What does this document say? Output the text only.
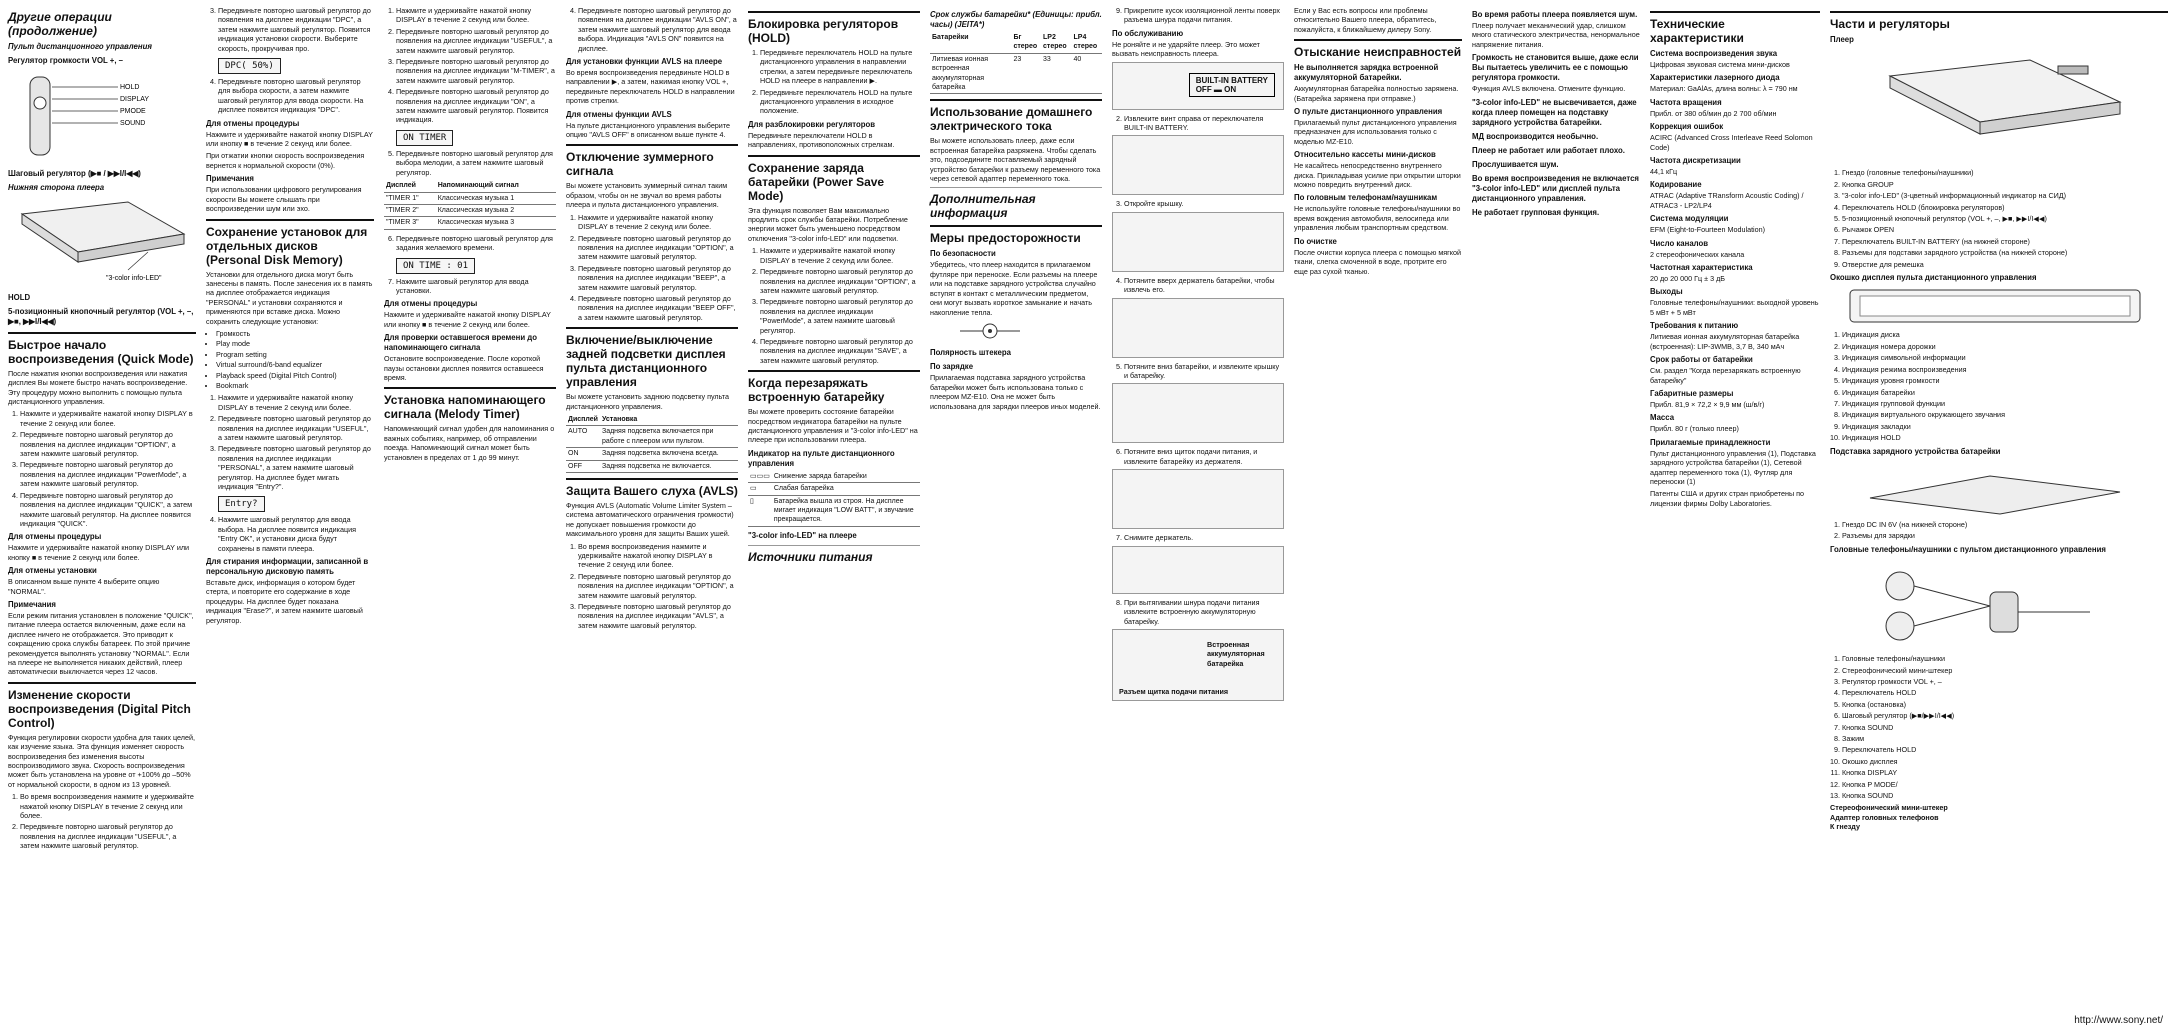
Другие операции (продолжение)
Пульт дистанционного управления
Регулятор громкости VOL +, –
HOLD
DISPLAY
PMODE
SOUND
Шаговый регулятор (▶■ / ▶▶I/I◀◀)
Нижняя сторона плеера
"3-color info-LED"
HOLD
5-позиционный кнопочный регулятор (VOL +, –, ▶■, ▶▶I/I◀◀)
Быстрое начало воспроизведения (Quick Mode)

После нажатия кнопки воспроизведения или нажатия дисплея Вы можете быстро начать воспроизведение. Эту процедуру можно выполнить с помощью пульта дистанционного управления.

1. Нажмите и удерживайте нажатой кнопку DISPLAY в течение 2 секунд или более.
2. Передвиньте повторно шаговый регулятор до появления на дисплее индикации "OPTION", а затем нажмите шаговый регулятор.
3. Передвиньте повторно шаговый регулятор до появления на дисплее индикации "PowerMode", а затем нажмите шаговый регулятор.
4. Передвиньте повторно шаговый регулятор до появления на дисплее индикации "QUICK", а затем нажмите шаговый регулятор. На дисплее появится индикация "QUICK".
Для отмены процедуры

Нажмите и удерживайте нажатой кнопку DISPLAY или кнопку ■ в течение 2 секунд или более.

Для отмены установки

В описанном выше пункте 4 выберите опцию "NORMAL".

Примечания

Если режим питания установлен в положение "QUICK", питание плеера остается включенным, даже если на дисплее ничего не отображается. Это приводит к сокращению срока службы батареек. По этой причине рекомендуется выполнять установку "NORMAL". Если на плеере не выполняется никаких действий, плеер автоматически выключается через 12 часов.

Изменение скорости воспроизведения (Digital Pitch Control)

Функция регулировки скорости удобна для таких целей, как изучение языка. Эта функция изменяет скорость воспроизведения без изменения высоты воспроизводимого звука. Скорость воспроизведения может быть установлена на уровне от +100% до –50% от нормальной скорости, в одном из 13 уровней.

1. Во время воспроизведения нажмите и удерживайте нажатой кнопку DISPLAY в течение 2 секунд или более.
2. Передвиньте повторно шаговый регулятор до появления на дисплее индикации "USEFUL", а затем нажмите шаговый регулятор.
3. Передвиньте повторно шаговый регулятор до появления на дисплее индикации "DPC", а затем нажмите шаговый регулятор. Появится индикация установки скорости. Выберите скорость, прокручивая про.
DPC( 50%)
4. Передвиньте повторно шаговый регулятор для выбора скорости, а затем нажмите шаговый регулятор для ввода скорости. На дисплее появится индикация "DPC".
Для отмены процедуры

Нажмите и удерживайте нажатой кнопку DISPLAY или кнопку ■ в течение 2 секунд или более.

При отжатии кнопки скорость воспроизведения вернется к нормальной скорости (0%).

Примечания

При использовании цифрового регулирования скорости Вы можете слышать при воспроизведении шум или эхо.

Сохранение установок для отдельных дисков (Personal Disk Memory)

Установки для отдельного диска могут быть занесены в память. После занесения их в память на дисплее отображается индикация "PERSONAL" и установки сохраняются и применяются при вставке диска. Можно сохранить следующие установки:

• Громкость
• Play mode
• Program setting
• Virtual surround/6-band equalizer
• Playback speed (Digital Pitch Control)
• Bookmark
1. Нажмите и удерживайте нажатой кнопку DISPLAY в течение 2 секунд или более.
2. Передвиньте повторно шаговый регулятор до появления на дисплее индикации "USEFUL", а затем нажмите шаговый регулятор.
3. Передвиньте повторно шаговый регулятор до появления на дисплее индикации "PERSONAL", а затем нажмите шаговый регулятор. На дисплее будет мигать индикация "Entry?".
Entry?
4. Нажмите шаговый регулятор для ввода выбора. На дисплее появится индикация "Entry OK", и установки диска будут сохранены в памяти плеера.
Для стирания информации, записанной в персональную дисковую память

Вставьте диск, информация о котором будет стерта, и повторите его содержание в ходе процедуры. На дисплее будет показана индикация "Erase?", и затем нажмите шаговый регулятор.

1. Нажмите и удерживайте нажатой кнопку DISPLAY в течение 2 секунд или более.
2. Передвиньте повторно шаговый регулятор до появления на дисплее индикации "USEFUL", а затем нажмите шаговый регулятор.
3. Передвиньте повторно шаговый регулятор до появления на дисплее индикации "M-TIMER", а затем нажмите шаговый регулятор.
4. Передвиньте повторно шаговый регулятор до появления на дисплее индикации "ON", а затем нажмите шаговый регулятор. Появится индикация.
ON TIMER
5. Передвиньте повторно шаговый регулятор для выбора мелодии, а затем нажмите шаговый регулятор.
Дисплей	Напоминающий сигнал
"TIMER 1"	Классическая музыка 1
"TIMER 2"	Классическая музыка 2
"TIMER 3"	Классическая музыка 3
6. Передвиньте повторно шаговый регулятор для задания желаемого времени.
ON TIME : 01
7. Нажмите шаговый регулятор для ввода установки.
Для отмены процедуры

Нажмите и удерживайте нажатой кнопку DISPLAY или кнопку ■ в течение 2 секунд или более.

Для проверки оставшегося времени до напоминающего сигнала

Остановите воспроизведение. После короткой паузы остановки дисплея появится оставшееся время.

Установка напоминающего сигнала (Melody Timer)

Напоминающий сигнал удобен для напоминания о важных событиях, например, об отправлении поезда. Напоминающий сигнал может быть установлен в пределах от 1 до 99 минут.

4. Передвиньте повторно шаговый регулятор до появления на дисплее индикации "AVLS ON", а затем нажмите шаговый регулятор для ввода выбора. Индикация "AVLS ON" появится на дисплее.
Для установки функции AVLS на плеере

Во время воспроизведения передвиньте HOLD в направлении ▶, а затем, нажимая кнопку VOL +, передвиньте переключатель HOLD в направлении против стрелки.

Для отмены функции AVLS

На пульте дистанционного управления выберите опцию "AVLS OFF" в описанном выше пункте 4.

Отключение зуммерного сигнала

Вы можете установить зуммерный сигнал таким образом, чтобы он не звучал во время работы плеера и пульта дистанционного управления.

1. Нажмите и удерживайте нажатой кнопку DISPLAY в течение 2 секунд или более.
2. Передвиньте повторно шаговый регулятор до появления на дисплее индикации "OPTION", а затем нажмите шаговый регулятор.
3. Передвиньте повторно шаговый регулятор до появления на дисплее индикации "BEEP", а затем нажмите шаговый регулятор.
4. Передвиньте повторно шаговый регулятор до появления на дисплее индикации "BEEP OFF", а затем нажмите шаговый регулятор.
Включение/выключение задней подсветки дисплея пульта дистанционного управления

Вы можете установить заднюю подсветку пульта дистанционного управления.

Дисплей	Установка
AUTO	Задняя подсветка включается при работе с плеером или пультом.
ON	Задняя подсветка включена всегда.
OFF	Задняя подсветка не включается.
Защита Вашего слуха (AVLS)

Функция AVLS (Automatic Volume Limiter System – система автоматического ограничения громкости) не допускает повышения громкости до максимального уровня для защиты Ваших ушей.

1. Во время воспроизведения нажмите и удерживайте нажатой кнопку DISPLAY в течение 2 секунд или более.
2. Передвиньте повторно шаговый регулятор до появления на дисплее индикации "OPTION", а затем нажмите шаговый регулятор.
3. Передвиньте повторно шаговый регулятор до появления на дисплее индикации "AVLS", а затем нажмите шаговый регулятор.
Блокировка регуляторов (HOLD)
1. Передвиньте переключатель HOLD на пульте дистанционного управления в направлении стрелки, а затем передвиньте переключатель HOLD на плеере в направлении ▶.
2. Передвиньте переключатель HOLD на пульте дистанционного управления в исходное положение.
Для разблокировки регуляторов

Передвиньте переключатели HOLD в направлениях, противоположных стрелкам.

Сохранение заряда батарейки (Power Save Mode)

Эта функция позволяет Вам максимально продлить срок службы батарейки. Потребление энергии может быть уменьшено посредством отключения "3-color info-LED" или подсветки.

1. Нажмите и удерживайте нажатой кнопку DISPLAY в течение 2 секунд или более.
2. Передвиньте повторно шаговый регулятор до появления на дисплее индикации "OPTION", а затем нажмите шаговый регулятор.
3. Передвиньте повторно шаговый регулятор до появления на дисплее индикации "PowerMode", а затем нажмите шаговый регулятор.
4. Передвиньте повторно шаговый регулятор до появления на дисплее индикации "SAVE", а затем нажмите шаговый регулятор.
Когда перезаряжать встроенную батарейку

Вы можете проверить состояние батарейки посредством индикатора батарейки на пульте дистанционного управления и "3-color info-LED" на плеере при использовании плеера.

Индикатор на пульте дистанционного управления
▭▭▭	Снижение заряда батарейки
▭	Слабая батарейка
▯	Батарейка вышла из строя. На дисплее мигает индикация "LOW BATT", и звучание прекращается.
"3-color info-LED" на плеере
Источники питания
Срок службы батарейки* (Единицы: прибл. часы) (JEITA*)
Батарейки	Бг стерео	LP2 стерео	LP4 стерео
Литиевая ионная встроенная аккумуляторная батарейка	23	33	40
Использование домашнего электрического тока

Вы можете использовать плеер, даже если встроенная батарейка разряжена. Чтобы сделать это, подсоедините поставляемый зарядный устройство батарейки к разъему переменного тока через сетевой адаптер переменного тока.

Дополнительная информация
Меры предосторожности
По безопасности

Убедитесь, что плеер находится в прилагаемом футляре при переноске. Если разъемы на плеере или на подставке зарядного устройства случайно вступят в контакт с металлическим предметом, они могут вызвать короткое замыкание и начать накопление тепла.

Полярность штекера
По зарядке

Прилагаемая подставка зарядного устройства батарейки может быть использована только с плеером MZ-E10. Она не может быть использована для зарядки плееров иных моделей.

9. Прикрепите кусок изоляционной ленты поверх разъема шнура подачи питания.
По обслуживанию

Не роняйте и не ударяйте плеер. Это может вызвать неисправность плеера.

BUILT-IN BATTERY
OFF ▬ ON
2. Извлеките винт справа от переключателя BUILT-IN BATTERY.
3. Откройте крышку.
4. Потяните вверх держатель батарейки, чтобы извлечь его.
5. Потяните вниз батарейки, и извлеките крышку и батарейку.
6. Потяните вниз щиток подачи питания, и извлеките батарейку из держателя.
7. Снимите держатель.
8. При вытягивании шнура подачи питания извлеките встроенную аккумуляторную батарейку.
Встроенная аккумуляторная батарейка
Разъем щитка подачи питания

Если у Вас есть вопросы или проблемы относительно Вашего плеера, обратитесь, пожалуйста, к ближайшему дилеру Sony.

Отыскание неисправностей
Не выполняется зарядка встроенной аккумуляторной батарейки.

Аккумуляторная батарейка полностью заряжена. (Батарейка заряжена при отправке.)

О пульте дистанционного управления

Прилагаемый пульт дистанционного управления предназначен для использования только с моделью MZ-E10.

Относительно кассеты мини-дисков

Не касайтесь непосредственно внутреннего диска. Прикладывая усилие при открытии шторки можно повредить внутренний диск.

По головным телефонам/наушникам

Не используйте головные телефоны/наушники во время вождения автомобиля, велосипеда или управления любым транспортным средством.

По очистке

После очистки корпуса плеера с помощью мягкой ткани, слегка смоченной в воде, протрите его еще раз сухой тканью.

Во время работы плеера появляется шум.

Плеер получает механический удар, слишком много статического электричества, ненормальное напряжение питания.

Громкость не становится выше, даже если Вы пытаетесь увеличить ее с помощью регулятора громкости.

Функция AVLS включена. Отмените функцию.

"3-color info-LED" не высвечивается, даже когда плеер помещен на подставку зарядного устройства батарейки.
МД воспроизводится необычно.
Плеер не работает или работает плохо.
Прослушивается шум.
Во время воспроизведения не включается "3-color info-LED" или дисплей пульта дистанционного управления.
Не работает групповая функция.
Технические характеристики
Система воспроизведения звука

Цифровая звуковая система мини-дисков

Характеристики лазерного диода

Материал: GaAlAs, длина волны: λ = 790 нм

Частота вращения

Прибл. от 380 об/мин до 2 700 об/мин

Коррекция ошибок

ACIRC (Advanced Cross Interleave Reed Solomon Code)

Частота дискретизации

44,1 кГц

Кодирование

ATRAC (Adaptive TRansform Acoustic Coding) / ATRAC3 - LP2/LP4

Система модуляции

EFM (Eight-to-Fourteen Modulation)

Число каналов

2 стереофонических канала

Частотная характеристика

20 до 20 000 Гц ± 3 дБ

Выходы

Головные телефоны/наушники: выходной уровень 5 мВт + 5 мВт

Требования к питанию

Литиевая ионная аккумуляторная батарейка (встроенная): LIP-3WMB, 3,7 В, 340 мАч

Срок работы от батарейки

См. раздел "Когда перезаряжать встроенную батарейку"

Габаритные размеры

Прибл. 81,9 × 72,2 × 9,9 мм (ш/в/г)

Масса

Прибл. 80 г (только плеер)

Прилагаемые принадлежности

Пульт дистанционного управления (1), Подставка зарядного устройства батарейки (1), Сетевой адаптер переменного тока (1), Футляр для переноски (1)

Патенты США и других стран приобретены по лицензии фирмы Dolby Laboratories.

Части и регуляторы
Плеер
1. Гнездо (головные телефоны/наушники)
2. Кнопка GROUP
3. "3-color info-LED" (3-цветный информационный индикатор на СИД)
4. Переключатель HOLD (блокировка регуляторов)
5. 5-позиционный кнопочный регулятор (VOL +, –, ▶■, ▶▶I/I◀◀)
6. Рычажок OPEN
7. Переключатель BUILT-IN BATTERY (на нижней стороне)
8. Разъемы для подставки зарядного устройства (на нижней стороне)
9. Отверстие для ремешка
Окошко дисплея пульта дистанционного управления
1. Индикация диска
2. Индикация номера дорожки
3. Индикация символьной информации
4. Индикация режима воспроизведения
5. Индикация уровня громкости
6. Индикация батарейки
7. Индикация групповой функции
8. Индикация виртуального окружающего звучания
9. Индикация закладки
10. Индикация HOLD
Подставка зарядного устройства батарейки
1. Гнездо DC IN 6V (на нижней стороне)
2. Разъемы для зарядки
Головные телефоны/наушники с пультом дистанционного управления
1. Головные телефоны/наушники
2. Стереофонический мини-штекер
3. Регулятор громкости VOL +, –
4. Переключатель HOLD
5. Кнопка (остановка)
6. Шаговый регулятор (▶■/▶▶I/I◀◀)
7. Кнопка SOUND
8. Зажим
9. Переключатель HOLD
10. Окошко дисплея
11. Кнопка DISPLAY
12. Кнопка P MODE/
13. Кнопка SOUND
Стереофонический мини-штекер
Адаптер головных телефонов
К гнезду
http://www.sony.net/
